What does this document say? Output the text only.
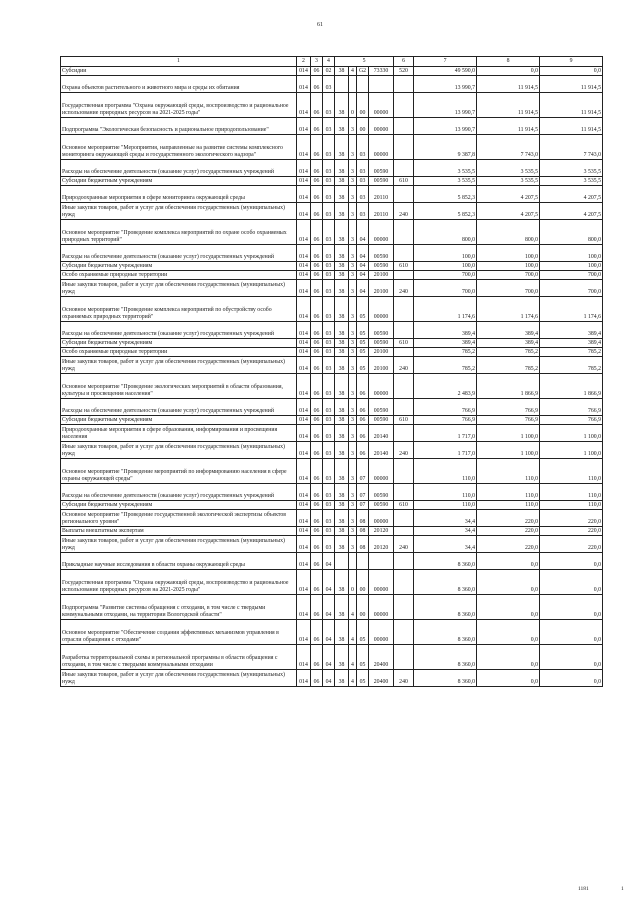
61
1	2	3	4	5				6	7	8	9
Субсидии	014	06	02	38	4	G2	73330	520	49 590,0	0,0	0,0
Охрана объектов растительного и животного мира и среды их обитания	014	06	03						13 990,7	11 914,5	11 914,5
Государственная программа "Охрана окружающей среды, воспроизводство и рациональное использование природных ресурсов на 2021-2025 годы"	014	06	03	38	0	00	00000		13 990,7	11 914,5	11 914,5
Подпрограмма "Экологическая безопасность и рациональное природопользование"	014	06	03	38	3	00	00000		13 990,7	11 914,5	11 914,5
Основное мероприятие "Мероприятия, направленные на развитие системы комплексного мониторинга окружающей среды и государственного экологического надзора"	014	06	03	38	3	03	00000		9 387,8	7 743,0	7 743,0
Расходы на обеспечение деятельности (оказание услуг) государственных учреждений	014	06	03	38	3	03	00590		3 535,5	3 535,5	3 535,5
Субсидии бюджетным учреждениям	014	06	03	38	3	03	00590	610	3 535,5	3 535,5	3 535,5
Природоохранные мероприятия в сфере мониторинга окружающей среды	014	06	03	38	3	03	20110		5 852,3	4 207,5	4 207,5
Иные закупки товаров, работ и услуг для обеспечения государственных (муниципальных) нужд	014	06	03	38	3	03	20110	240	5 852,3	4 207,5	4 207,5
Основное мероприятие "Проведение комплекса мероприятий по охране особо охраняемых природных территорий"	014	06	03	38	3	04	00000		800,0	800,0	800,0
Расходы на обеспечение деятельности (оказание услуг) государственных учреждений	014	06	03	38	3	04	00590		100,0	100,0	100,0
Субсидии бюджетным учреждениям	014	06	03	38	3	04	00590	610	100,0	100,0	100,0
Особо охраняемые природные территории	014	06	03	38	3	04	20100		700,0	700,0	700,0
Иные закупки товаров, работ и услуг для обеспечения государственных (муниципальных) нужд	014	06	03	38	3	04	20100	240	700,0	700,0	700,0
Основное мероприятие "Проведение комплекса мероприятий по обустройству особо охраняемых природных территорий"	014	06	03	38	3	05	00000		1 174,6	1 174,6	1 174,6
Расходы на обеспечение деятельности (оказание услуг) государственных учреждений	014	06	03	38	3	05	00590		389,4	389,4	389,4
Субсидии бюджетным учреждениям	014	06	03	38	3	05	00590	610	389,4	389,4	389,4
Особо охраняемые природные территории	014	06	03	38	3	05	20100		785,2	785,2	785,2
Иные закупки товаров, работ и услуг для обеспечения государственных (муниципальных) нужд	014	06	03	38	3	05	20100	240	785,2	785,2	785,2
Основное мероприятие "Проведение экологических мероприятий в области образования, культуры и просвещения населения"	014	06	03	38	3	06	00000		2 483,9	1 866,9	1 866,9
Расходы на обеспечение деятельности (оказание услуг) государственных учреждений	014	06	03	38	3	06	00590		766,9	766,9	766,9
Субсидии бюджетным учреждениям	014	06	03	38	3	06	00590	610	766,9	766,9	766,9
Природоохранные мероприятия в сфере образования, информирования и просвещения населения	014	06	03	38	3	06	20140		1 717,0	1 100,0	1 100,0
Иные закупки товаров, работ и услуг для обеспечения государственных (муниципальных) нужд	014	06	03	38	3	06	20140	240	1 717,0	1 100,0	1 100,0
Основное мероприятие "Проведение мероприятий по информированию населения в сфере охраны окружающей среды"	014	06	03	38	3	07	00000		110,0	110,0	110,0
Расходы на обеспечение деятельности (оказание услуг) государственных учреждений	014	06	03	38	3	07	00590		110,0	110,0	110,0
Субсидии бюджетным учреждениям	014	06	03	38	3	07	00590	610	110,0	110,0	110,0
Основное мероприятие "Проведение государственной экологической экспертизы объектов регионального уровня"	014	06	03	38	3	08	00000		34,4	220,0	220,0
Выплаты внештатным экспертам	014	06	03	38	3	08	20120		34,4	220,0	220,0
Иные закупки товаров, работ и услуг для обеспечения государственных (муниципальных) нужд	014	06	03	38	3	08	20120	240	34,4	220,0	220,0
Прикладные научные исследования в области охраны окружающей среды	014	06	04						8 360,0	0,0	0,0
Государственная программа "Охрана окружающей среды, воспроизводство и рациональное использование природных ресурсов на 2021-2025 годы"	014	06	04	38	0	00	00000		8 360,0	0,0	0,0
Подпрограмма "Развитие системы обращения с отходами, в том числе с твердыми коммунальными отходами, на территории Вологодской области"	014	06	04	38	4	00	00000		8 360,0	0,0	0,0
Основное мероприятие "Обеспечение создания эффективных механизмов управления в отрасли обращения с отходами"	014	06	04	38	4	05	00000		8 360,0	0,0	0,0
Разработка территориальной схемы и региональной программы в области обращения с отходами, в том числе с твердыми коммунальными отходами	014	06	04	38	4	05	20400		8 360,0	0,0	0,0
Иные закупки товаров, работ и услуг для обеспечения государственных (муниципальных) нужд	014	06	04	38	4	05	20400	240	8 360,0	0,0	0,0
1181	1
